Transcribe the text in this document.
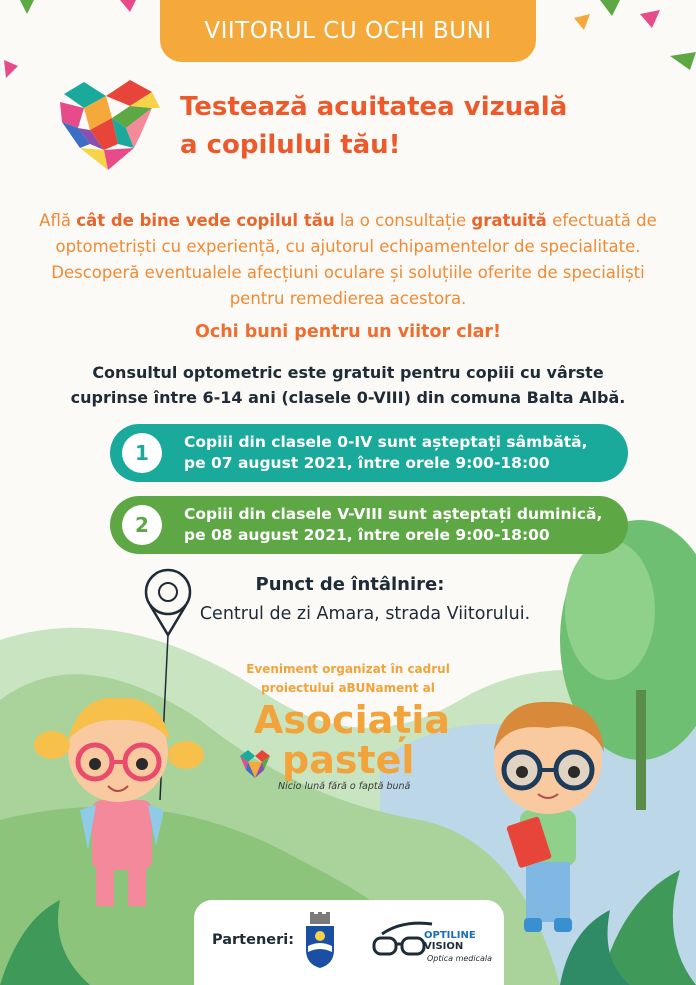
VIITORUL CU OCHI BUNI
Testează acuitatea vizuală
a copilului tău!
Află cât de bine vede copilul tău la o consultație gratuită efectuată de optometriști cu experiență, cu ajutorul echipamentelor de specialitate. Descoperă eventualele afecțiuni oculare și soluțiile oferite de specialiști pentru remedierea acestora.
Ochi buni pentru un viitor clar!
Consultul optometric este gratuit pentru copiii cu vârste
cuprinse între 6-14 ani (clasele 0-VIII) din comuna Balta Albă.
1	Copiii din clasele 0-IV sunt așteptați sâmbătă,
pe 07 august 2021, între orele 9:00-18:00
2	Copiii din clasele V-VIII sunt așteptați duminică,
pe 08 august 2021, între orele 9:00-18:00
Punct de întâlnire:
Centrul de zi Amara, strada Viitorului.
Eveniment organizat în cadrul
proiectului aBUNament al
Asociația
pastel
Nicio lună fără o faptă bună
Parteneri:	OPTILINE
VISION
Optica medicala
